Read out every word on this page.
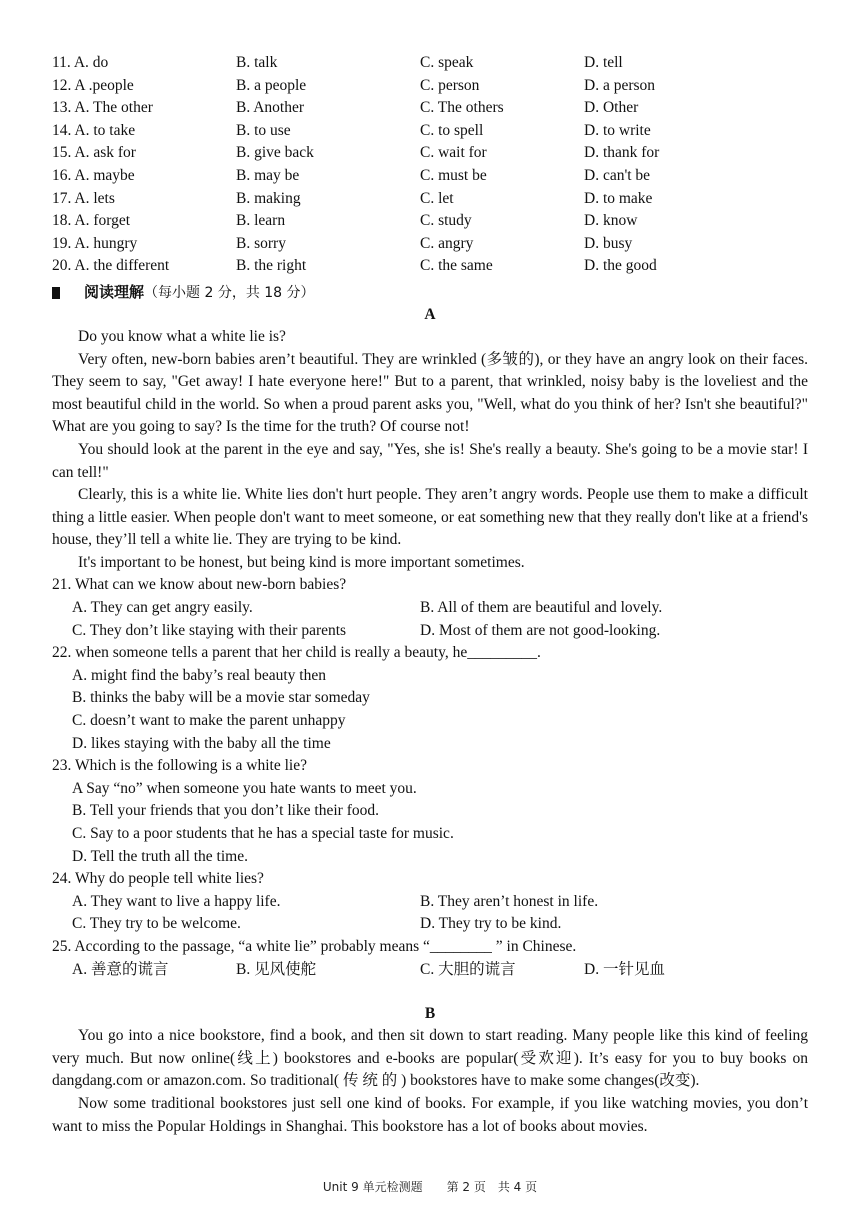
11. A. do	B. talk	C. speak	D. tell
12. A .people	B. a people	C. person	D. a person
13. A. The other	B. Another	C. The others	D. Other
14. A. to take	B. to use	C. to spell	D. to write
15. A. ask for	B. give back	C. wait for	D. thank for
16. A. maybe	B. may be	C. must be	D. can't be
17. A. lets	B. making	C. let	D. to make
18. A. forget	B. learn	C. study	D. know
19. A. hungry	B. sorry	C. angry	D. busy
20. A. the different	B. the right	C. the same	D. the good
阅读理解（每小题 2 分，共 18 分）
A

Do you know what a white lie is?

Very often, new-born babies aren’t beautiful. They are wrinkled (多皱的), or they have an angry look on their faces. They seem to say, "Get away! I hate everyone here!" But to a parent, that wrinkled, noisy baby is the loveliest and the most beautiful child in the world. So when a proud parent asks you, "Well, what do you think of her? Isn't she beautiful?" What are you going to say? Is the time for the truth? Of course not!

You should look at the parent in the eye and say, "Yes, she is! She's really a beauty. She's going to be a movie star! I can tell!"

Clearly, this is a white lie. White lies don't hurt people. They aren’t angry words. People use them to make a difficult thing a little easier. When people don't want to meet someone, or eat something new that they really don't like at a friend's house, they’ll tell a white lie. They are trying to be kind.

It's important to be honest, but being kind is more important sometimes.

21. What can we know about new-born babies?
A. They can get angry easily.	B. All of them are beautiful and lovely.
C. They don’t like staying with their parents	D. Most of them are not good-looking.
22. when someone tells a parent that her child is really a beauty, he_________.
A. might find the baby’s real beauty then
B. thinks the baby will be a movie star someday
C. doesn’t want to make the parent unhappy
D. likes staying with the baby all the time
23. Which is the following is a white lie?
A Say “no” when someone you hate wants to meet you.
B. Tell your friends that you don’t like their food.
C. Say to a poor students that he has a special taste for music.
D. Tell the truth all the time.
24. Why do people tell white lies?
A. They want to live a happy life.	B. They aren’t honest in life.
C. They try to be welcome.	D. They try to be kind.
25. According to the passage, “a white lie” probably means “________ ” in Chinese.
A. 善意的谎言	B. 见风使舵	C. 大胆的谎言	D. 一针见血
B

You go into a nice bookstore, find a book, and then sit down to start reading. Many people like this kind of feeling very much. But now online(线上) bookstores and e-books are popular(受欢迎). It’s easy for you to buy books on dangdang.com or amazon.com. So traditional( 传 统 的 ) bookstores have to make some changes(改变).

Now some traditional bookstores just sell one kind of books. For example, if you like watching movies, you don’t want to miss the Popular Holdings in Shanghai. This bookstore has a lot of books about movies.

Unit 9 单元检测题　　第 2 页　共 4 页
